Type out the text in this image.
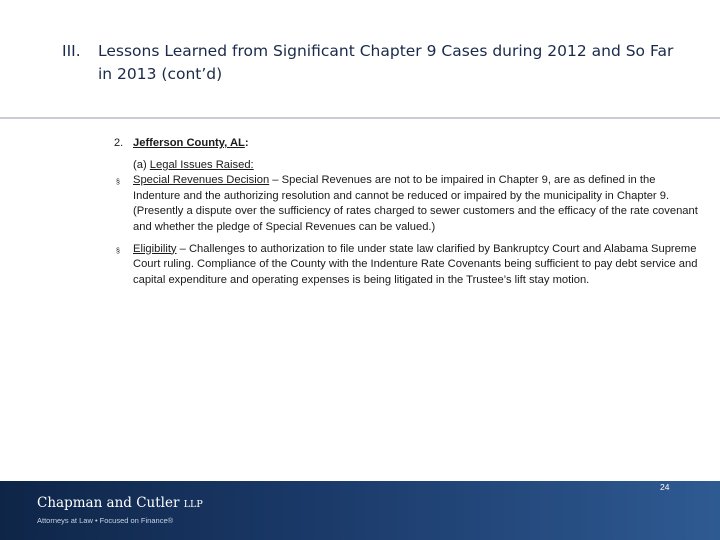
III.	Lessons Learned from Significant Chapter 9 Cases during 2012 and So Far in 2013 (cont’d)
2. Jefferson County, AL:
(a) Legal Issues Raised:
§ Special Revenues Decision – Special Revenues are not to be impaired in Chapter 9, are as defined in the Indenture and the authorizing resolution and cannot be reduced or impaired by the municipality in Chapter 9. (Presently a dispute over the sufficiency of rates charged to sewer customers and the efficacy of the rate covenant and whether the pledge of Special Revenues can be valued.)
§ Eligibility – Challenges to authorization to file under state law clarified by Bankruptcy Court and Alabama Supreme Court ruling. Compliance of the County with the Indenture Rate Covenants being sufficient to pay debt service and capital expenditure and operating expenses is being litigated in the Trustee’s lift stay motion.
Chapman and Cutler LLP
Attorneys at Law • Focused on Finance®
24
